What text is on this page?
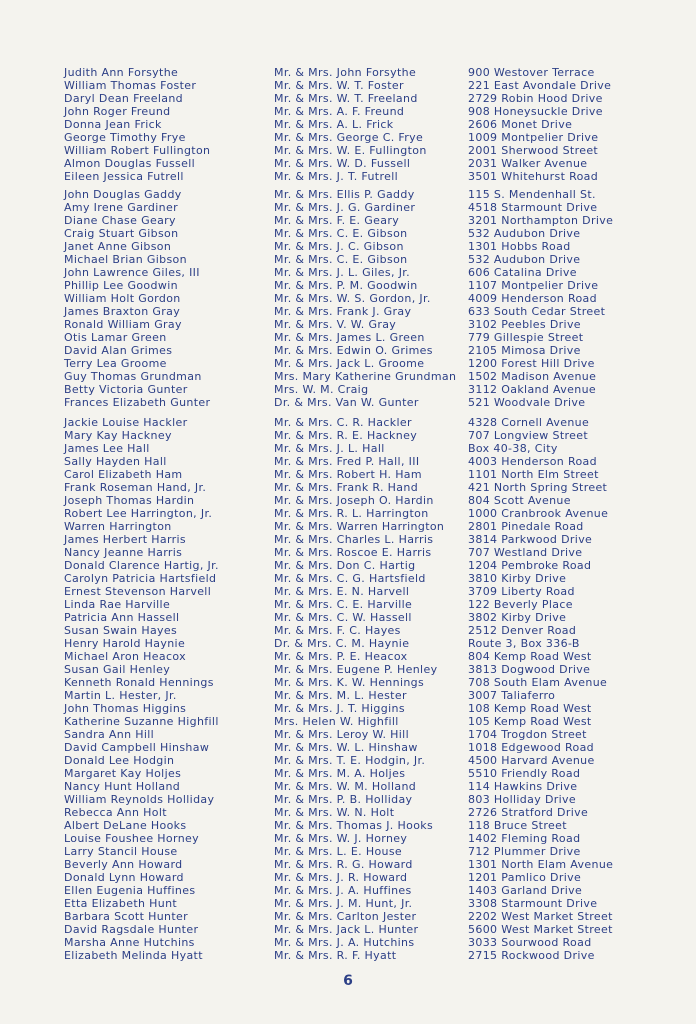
Judith Ann Forsythe	Mr. & Mrs. John Forsythe	900 Westover Terrace
William Thomas Foster	Mr. & Mrs. W. T. Foster	221 East Avondale Drive
Daryl Dean Freeland	Mr. & Mrs. W. T. Freeland	2729 Robin Hood Drive
John Roger Freund	Mr. & Mrs. A. F. Freund	908 Honeysuckle Drive
Donna Jean Frick	Mr. & Mrs. A. L. Frick	2606 Monet Drive
George Timothy Frye	Mr. & Mrs. George C. Frye	1009 Montpelier Drive
William Robert Fullington	Mr. & Mrs. W. E. Fullington	2001 Sherwood Street
Almon Douglas Fussell	Mr. & Mrs. W. D. Fussell	2031 Walker Avenue
Eileen Jessica Futrell	Mr. & Mrs. J. T. Futrell	3501 Whitehurst Road
John Douglas Gaddy	Mr. & Mrs. Ellis P. Gaddy	115 S. Mendenhall St.
Amy Irene Gardiner	Mr. & Mrs. J. G. Gardiner	4518 Starmount Drive
Diane Chase Geary	Mr. & Mrs. F. E. Geary	3201 Northampton Drive
Craig Stuart Gibson	Mr. & Mrs. C. E. Gibson	532 Audubon Drive
Janet Anne Gibson	Mr. & Mrs. J. C. Gibson	1301 Hobbs Road
Michael Brian Gibson	Mr. & Mrs. C. E. Gibson	532 Audubon Drive
John Lawrence Giles, III	Mr. & Mrs. J. L. Giles, Jr.	606 Catalina Drive
Phillip Lee Goodwin	Mr. & Mrs. P. M. Goodwin	1107 Montpelier Drive
William Holt Gordon	Mr. & Mrs. W. S. Gordon, Jr.	4009 Henderson Road
James Braxton Gray	Mr. & Mrs. Frank J. Gray	633 South Cedar Street
Ronald William Gray	Mr. & Mrs. V. W. Gray	3102 Peebles Drive
Otis Lamar Green	Mr. & Mrs. James L. Green	779 Gillespie Street
David Alan Grimes	Mr. & Mrs. Edwin O. Grimes	2105 Mimosa Drive
Terry Lea Groome	Mr. & Mrs. Jack L. Groome	1200 Forest Hill Drive
Guy Thomas Grundman	Mrs. Mary Katherine Grundman 1502 Madison Avenue
Betty Victoria Gunter	Mrs. W. M. Craig	3112 Oakland Avenue
Frances Elizabeth Gunter	Dr. & Mrs. Van W. Gunter	521 Woodvale Drive
Jackie Louise Hackler	Mr. & Mrs. C. R. Hackler	4328 Cornell Avenue
Mary Kay Hackney	Mr. & Mrs. R. E. Hackney	707 Longview Street
James Lee Hall	Mr. & Mrs. J. L. Hall	Box 40-38, City
Sally Hayden Hall	Mr. & Mrs. Fred P. Hall, III	4003 Henderson Road
Carol Elizabeth Ham	Mr. & Mrs. Robert H. Ham	1101 North Elm Street
Frank Roseman Hand, Jr.	Mr. & Mrs. Frank R. Hand	421 North Spring Street
Joseph Thomas Hardin	Mr. & Mrs. Joseph O. Hardin	804 Scott Avenue
Robert Lee Harrington, Jr.	Mr. & Mrs. R. L. Harrington	1000 Cranbrook Avenue
Warren Harrington	Mr. & Mrs. Warren Harrington 2801 Pinedale Road
James Herbert Harris	Mr. & Mrs. Charles L. Harris	3814 Parkwood Drive
Nancy Jeanne Harris	Mr. & Mrs. Roscoe E. Harris	707 Westland Drive
Donald Clarence Hartig, Jr.	Mr. & Mrs. Don C. Hartig	1204 Pembroke Road
Carolyn Patricia Hartsfield	Mr. & Mrs. C. G. Hartsfield	3810 Kirby Drive
Ernest Stevenson Harvell	Mr. & Mrs. E. N. Harvell	3709 Liberty Road
Linda Rae Harville	Mr. & Mrs. C. E. Harville	122 Beverly Place
Patricia Ann Hassell	Mr. & Mrs. C. W. Hassell	3802 Kirby Drive
Susan Swain Hayes	Mr. & Mrs. F. C. Hayes	2512 Denver Road
Henry Harold Haynie	Dr. & Mrs. C. M. Haynie	Route 3, Box 336-B
Michael Aron Heacox	Mr. & Mrs. P. E. Heacox	804 Kemp Road West
Susan Gail Henley	Mr. & Mrs. Eugene P. Henley	3813 Dogwood Drive
Kenneth Ronald Hennings	Mr. & Mrs. K. W. Hennings	708 South Elam Avenue
Martin L. Hester, Jr.	Mr. & Mrs. M. L. Hester	3007 Taliaferro
John Thomas Higgins	Mr. & Mrs. J. T. Higgins	108 Kemp Road West
Katherine Suzanne Highfill	Mrs. Helen W. Highfill	105 Kemp Road West
Sandra Ann Hill	Mr. & Mrs. Leroy W. Hill	1704 Trogdon Street
David Campbell Hinshaw	Mr. & Mrs. W. L. Hinshaw	1018 Edgewood Road
Donald Lee Hodgin	Mr. & Mrs. T. E. Hodgin, Jr.	4500 Harvard Avenue
Margaret Kay Holjes	Mr. & Mrs. M. A. Holjes	5510 Friendly Road
Nancy Hunt Holland	Mr. & Mrs. W. M. Holland	114 Hawkins Drive
William Reynolds Holliday	Mr. & Mrs. P. B. Holliday	803 Holliday Drive
Rebecca Ann Holt	Mr. & Mrs. W. N. Holt	2726 Stratford Drive
Albert DeLane Hooks	Mr. & Mrs. Thomas J. Hooks	118 Bruce Street
Louise Foushee Horney	Mr. & Mrs. W. J. Horney	1402 Fleming Road
Larry Stancil House	Mr. & Mrs. L. E. House	712 Plummer Drive
Beverly Ann Howard	Mr. & Mrs. R. G. Howard	1301 North Elam Avenue
Donald Lynn Howard	Mr. & Mrs. J. R. Howard	1201 Pamlico Drive
Ellen Eugenia Huffines	Mr. & Mrs. J. A. Huffines	1403 Garland Drive
Etta Elizabeth Hunt	Mr. & Mrs. J. M. Hunt, Jr.	3308 Starmount Drive
Barbara Scott Hunter	Mr. & Mrs. Carlton Jester	2202 West Market Street
David Ragsdale Hunter	Mr. & Mrs. Jack L. Hunter	5600 West Market Street
Marsha Anne Hutchins	Mr. & Mrs. J. A. Hutchins	3033 Sourwood Road
Elizabeth Melinda Hyatt	Mr. & Mrs. R. F. Hyatt	2715 Rockwood Drive
6
